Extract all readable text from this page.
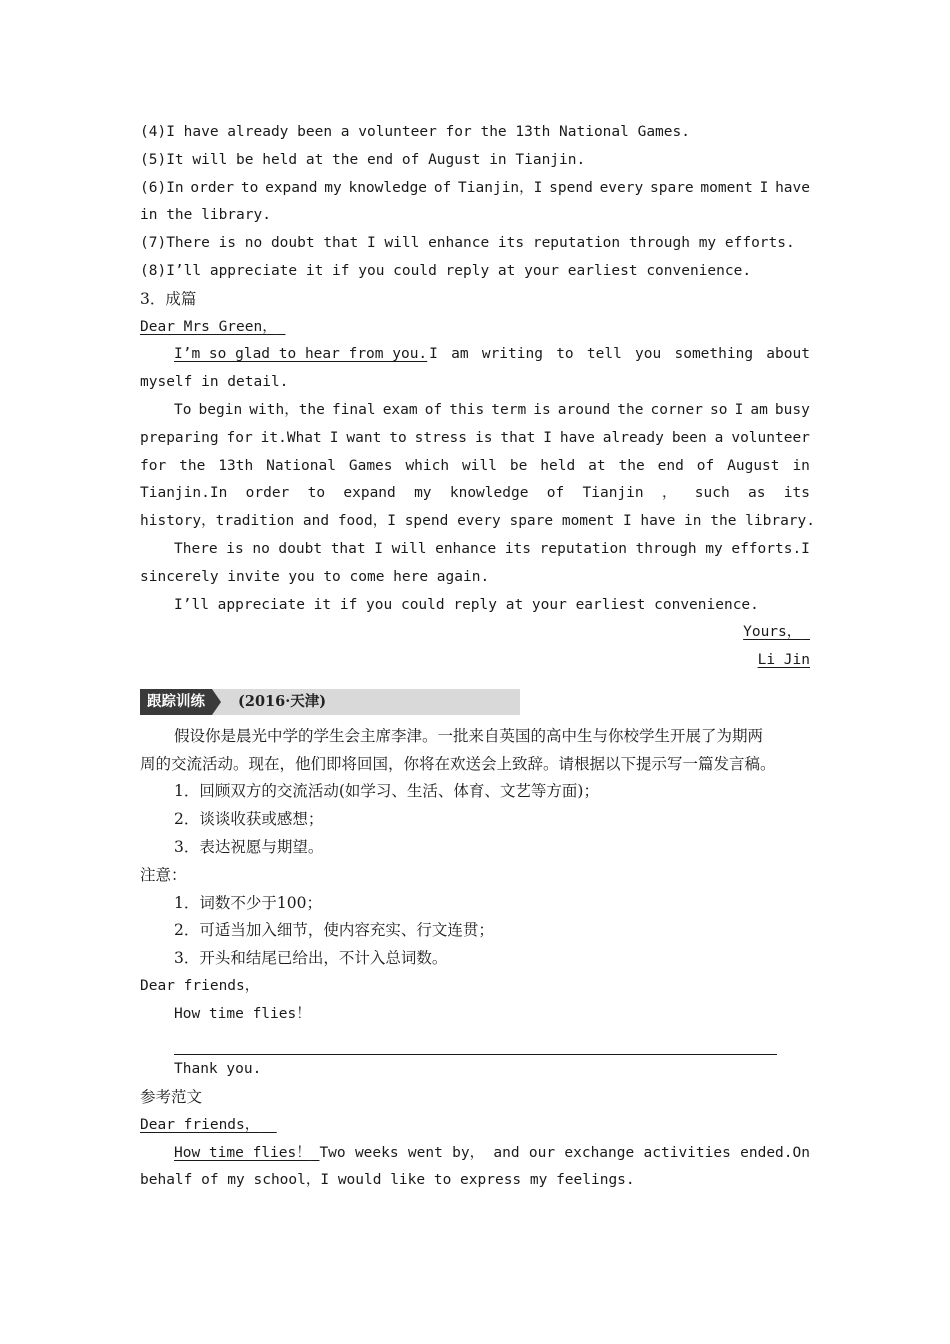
(4)I have already been a volunteer for the 13th National Games.
(5)It will be held at the end of August in Tianjin.
(6)In order to expand my knowledge of Tianjin，I spend every spare moment I have
in the library.
(7)There is no doubt that I will enhance its reputation through my efforts.
(8)I’ll appreciate it if you could reply at your earliest convenience.
3．成篇
Dear Mrs Green，
I’m so glad to hear from you. I am writing to tell you something about
myself in detail.
To begin with，the final exam of this term is around the corner so I am busy
preparing for it.What I want to stress is that I have already been a volunteer
for the 13th National Games which will be held at the end of August in
Tianjin.In order to expand my knowledge of Tianjin ， such as its
history，tradition and food，I spend every spare moment I have in the library.
There is no doubt that I will enhance its reputation through my efforts.I
sincerely invite you to come here again.
I’ll appreciate it if you could reply at your earliest convenience.
Yours，
Li Jin
跟踪训练	(2016·天津)
假设你是晨光中学的学生会主席李津。一批来自英国的高中生与你校学生开展了为期两
周的交流活动。现在，他们即将回国，你将在欢送会上致辞。请根据以下提示写一篇发言稿。
1．回顾双方的交流活动(如学习、生活、体育、文艺等方面)；
2．谈谈收获或感想；
3．表达祝愿与期望。
注意：
1．词数不少于100；
2．可适当加入细节，使内容充实、行文连贯；
3．开头和结尾已给出，不计入总词数。
Dear friends，
How time flies！
Thank you.
参考范文
Dear friends，
How time flies！
Two weeks went by， and our exchange activities ended.On
behalf of my school，I would like to express my feelings.
